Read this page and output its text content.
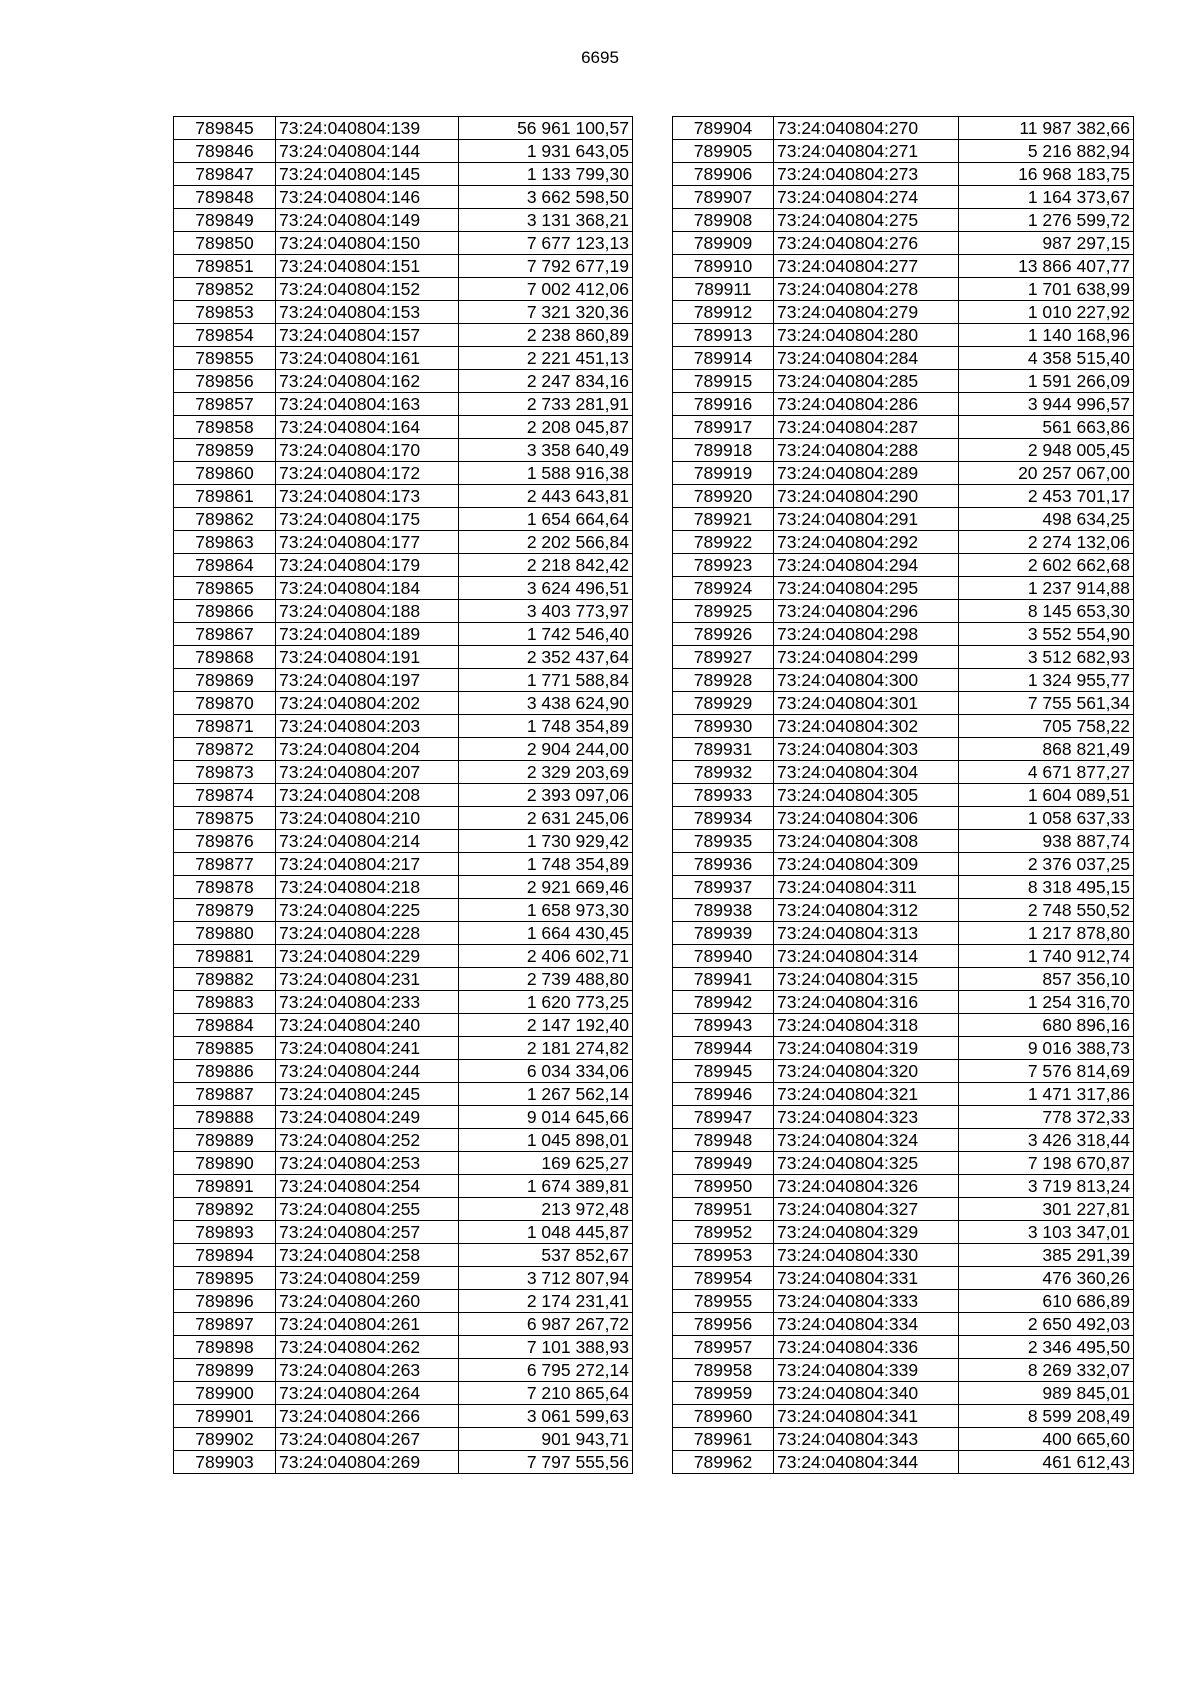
6695
789845	73:24:040804:139	56 961 100,57
789846	73:24:040804:144	1 931 643,05
789847	73:24:040804:145	1 133 799,30
789848	73:24:040804:146	3 662 598,50
789849	73:24:040804:149	3 131 368,21
789850	73:24:040804:150	7 677 123,13
789851	73:24:040804:151	7 792 677,19
789852	73:24:040804:152	7 002 412,06
789853	73:24:040804:153	7 321 320,36
789854	73:24:040804:157	2 238 860,89
789855	73:24:040804:161	2 221 451,13
789856	73:24:040804:162	2 247 834,16
789857	73:24:040804:163	2 733 281,91
789858	73:24:040804:164	2 208 045,87
789859	73:24:040804:170	3 358 640,49
789860	73:24:040804:172	1 588 916,38
789861	73:24:040804:173	2 443 643,81
789862	73:24:040804:175	1 654 664,64
789863	73:24:040804:177	2 202 566,84
789864	73:24:040804:179	2 218 842,42
789865	73:24:040804:184	3 624 496,51
789866	73:24:040804:188	3 403 773,97
789867	73:24:040804:189	1 742 546,40
789868	73:24:040804:191	2 352 437,64
789869	73:24:040804:197	1 771 588,84
789870	73:24:040804:202	3 438 624,90
789871	73:24:040804:203	1 748 354,89
789872	73:24:040804:204	2 904 244,00
789873	73:24:040804:207	2 329 203,69
789874	73:24:040804:208	2 393 097,06
789875	73:24:040804:210	2 631 245,06
789876	73:24:040804:214	1 730 929,42
789877	73:24:040804:217	1 748 354,89
789878	73:24:040804:218	2 921 669,46
789879	73:24:040804:225	1 658 973,30
789880	73:24:040804:228	1 664 430,45
789881	73:24:040804:229	2 406 602,71
789882	73:24:040804:231	2 739 488,80
789883	73:24:040804:233	1 620 773,25
789884	73:24:040804:240	2 147 192,40
789885	73:24:040804:241	2 181 274,82
789886	73:24:040804:244	6 034 334,06
789887	73:24:040804:245	1 267 562,14
789888	73:24:040804:249	9 014 645,66
789889	73:24:040804:252	1 045 898,01
789890	73:24:040804:253	169 625,27
789891	73:24:040804:254	1 674 389,81
789892	73:24:040804:255	213 972,48
789893	73:24:040804:257	1 048 445,87
789894	73:24:040804:258	537 852,67
789895	73:24:040804:259	3 712 807,94
789896	73:24:040804:260	2 174 231,41
789897	73:24:040804:261	6 987 267,72
789898	73:24:040804:262	7 101 388,93
789899	73:24:040804:263	6 795 272,14
789900	73:24:040804:264	7 210 865,64
789901	73:24:040804:266	3 061 599,63
789902	73:24:040804:267	901 943,71
789903	73:24:040804:269	7 797 555,56
789904	73:24:040804:270	11 987 382,66
789905	73:24:040804:271	5 216 882,94
789906	73:24:040804:273	16 968 183,75
789907	73:24:040804:274	1 164 373,67
789908	73:24:040804:275	1 276 599,72
789909	73:24:040804:276	987 297,15
789910	73:24:040804:277	13 866 407,77
789911	73:24:040804:278	1 701 638,99
789912	73:24:040804:279	1 010 227,92
789913	73:24:040804:280	1 140 168,96
789914	73:24:040804:284	4 358 515,40
789915	73:24:040804:285	1 591 266,09
789916	73:24:040804:286	3 944 996,57
789917	73:24:040804:287	561 663,86
789918	73:24:040804:288	2 948 005,45
789919	73:24:040804:289	20 257 067,00
789920	73:24:040804:290	2 453 701,17
789921	73:24:040804:291	498 634,25
789922	73:24:040804:292	2 274 132,06
789923	73:24:040804:294	2 602 662,68
789924	73:24:040804:295	1 237 914,88
789925	73:24:040804:296	8 145 653,30
789926	73:24:040804:298	3 552 554,90
789927	73:24:040804:299	3 512 682,93
789928	73:24:040804:300	1 324 955,77
789929	73:24:040804:301	7 755 561,34
789930	73:24:040804:302	705 758,22
789931	73:24:040804:303	868 821,49
789932	73:24:040804:304	4 671 877,27
789933	73:24:040804:305	1 604 089,51
789934	73:24:040804:306	1 058 637,33
789935	73:24:040804:308	938 887,74
789936	73:24:040804:309	2 376 037,25
789937	73:24:040804:311	8 318 495,15
789938	73:24:040804:312	2 748 550,52
789939	73:24:040804:313	1 217 878,80
789940	73:24:040804:314	1 740 912,74
789941	73:24:040804:315	857 356,10
789942	73:24:040804:316	1 254 316,70
789943	73:24:040804:318	680 896,16
789944	73:24:040804:319	9 016 388,73
789945	73:24:040804:320	7 576 814,69
789946	73:24:040804:321	1 471 317,86
789947	73:24:040804:323	778 372,33
789948	73:24:040804:324	3 426 318,44
789949	73:24:040804:325	7 198 670,87
789950	73:24:040804:326	3 719 813,24
789951	73:24:040804:327	301 227,81
789952	73:24:040804:329	3 103 347,01
789953	73:24:040804:330	385 291,39
789954	73:24:040804:331	476 360,26
789955	73:24:040804:333	610 686,89
789956	73:24:040804:334	2 650 492,03
789957	73:24:040804:336	2 346 495,50
789958	73:24:040804:339	8 269 332,07
789959	73:24:040804:340	989 845,01
789960	73:24:040804:341	8 599 208,49
789961	73:24:040804:343	400 665,60
789962	73:24:040804:344	461 612,43
